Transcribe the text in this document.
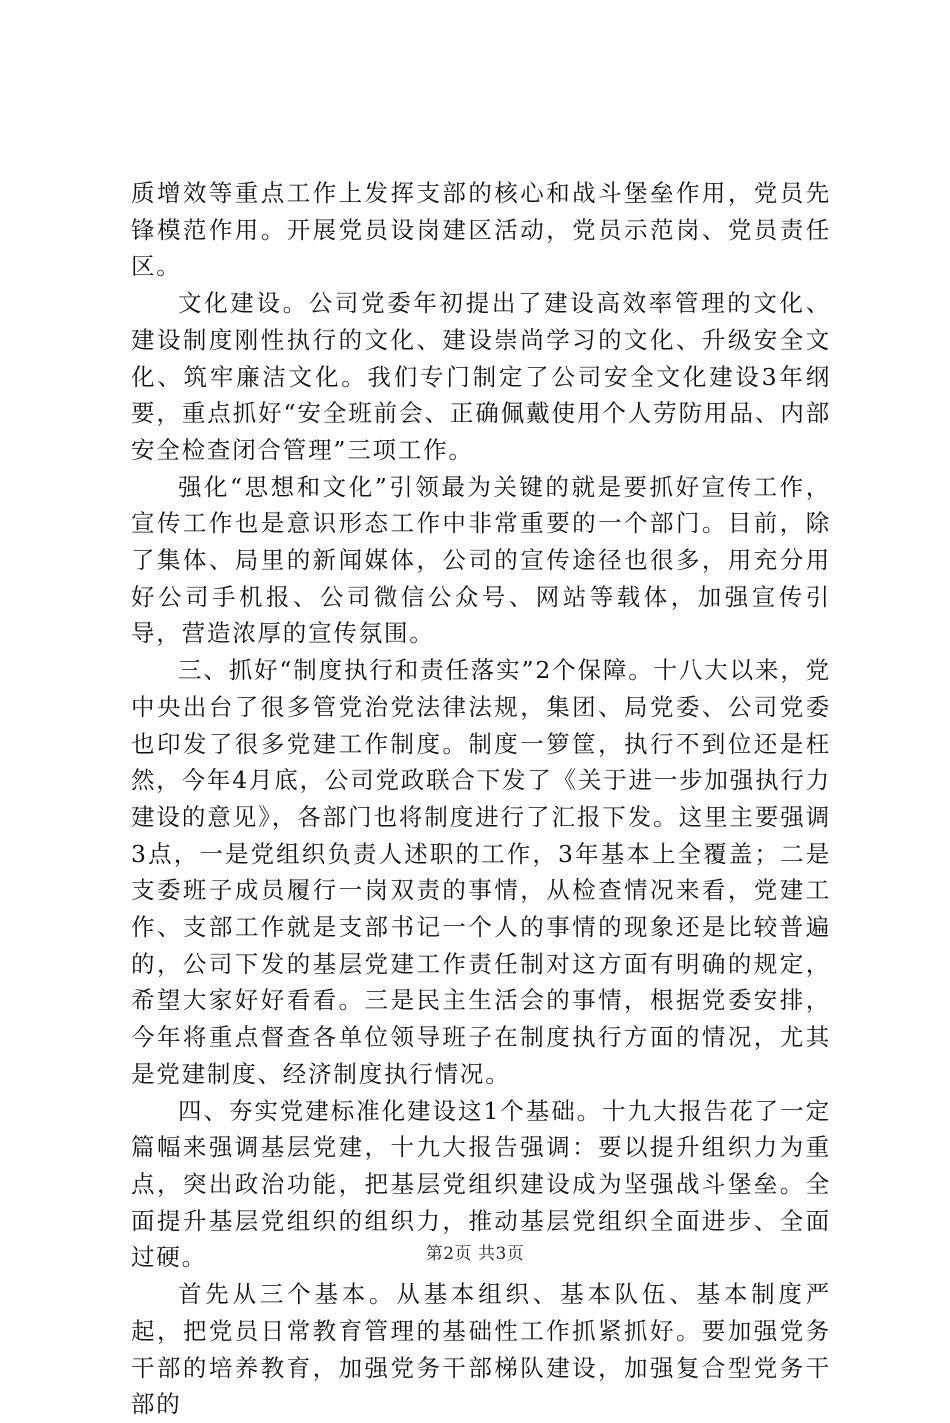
质增效等重点工作上发挥支部的核心和战斗堡垒作用，党员先锋模范作用。开展党员设岗建区活动，党员示范岗、党员责任区。

文化建设。公司党委年初提出了建设高效率管理的文化、建设制度刚性执行的文化、建设崇尚学习的文化、升级安全文化、筑牢廉洁文化。我们专门制定了公司安全文化建设3年纲要，重点抓好“安全班前会、正确佩戴使用个人劳防用品、内部安全检查闭合管理”三项工作。

强化“思想和文化”引领最为关键的就是要抓好宣传工作，宣传工作也是意识形态工作中非常重要的一个部门。目前，除了集体、局里的新闻媒体，公司的宣传途径也很多，用充分用好公司手机报、公司微信公众号、网站等载体，加强宣传引导，营造浓厚的宣传氛围。

三、抓好“制度执行和责任落实”2个保障。十八大以来，党中央出台了很多管党治党法律法规，集团、局党委、公司党委也印发了很多党建工作制度。制度一箩筐，执行不到位还是枉然，今年4月底，公司党政联合下发了《关于进一步加强执行力建设的意见》，各部门也将制度进行了汇报下发。这里主要强调3点，一是党组织负责人述职的工作，3年基本上全覆盖；二是支委班子成员履行一岗双责的事情，从检查情况来看，党建工作、支部工作就是支部书记一个人的事情的现象还是比较普遍的，公司下发的基层党建工作责任制对这方面有明确的规定，希望大家好好看看。三是民主生活会的事情，根据党委安排，今年将重点督查各单位领导班子在制度执行方面的情况，尤其是党建制度、经济制度执行情况。

四、夯实党建标准化建设这1个基础。十九大报告花了一定篇幅来强调基层党建，十九大报告强调：要以提升组织力为重点，突出政治功能，把基层党组织建设成为坚强战斗堡垒。全面提升基层党组织的组织力，推动基层党组织全面进步、全面过硬。

首先从三个基本。从基本组织、基本队伍、基本制度严起，把党员日常教育管理的基础性工作抓紧抓好。要加强党务干部的培养教育，加强党务干部梯队建设，加强复合型党务干部的

第2页 共3页
